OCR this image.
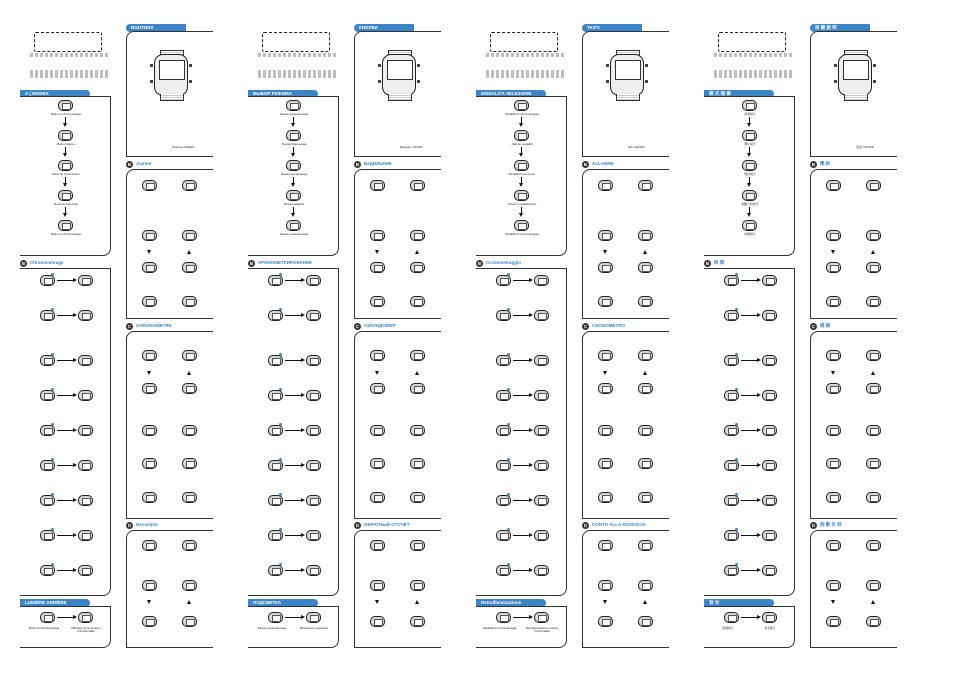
A ( MODES
Mode du chronométrage
Mode d'alarme
Mode du chronomètre
Mode du décompte
Mode du chronométrage
B	Chronométrage
LUMIÈRE ARRIÈRE
Mode du chronométrage	Affichage de la lumière / Fonctionnalité
BOUTONS
Système CR2025
B	Alarme
C	CHRONOMETRE
D	Décompte
ВЫБОР РЕЖИМА
Режим хронометража
Режим будильника
Режим секундомера
Режим таймера
Режим хронометража
B	ХРОНОМЕТРИРОВАНИЕ
ПОДСВЕТКА
Режим хронометража	Включение подсветки
КНОПКИ
Батарея: CR2025
B	БУДИЛЬНИК
C	СЕКУНДОМЕР
D	ОБРАТНЫЙ ОТСЧЁТ
MODALITÀ SELEZIONE
Modalità di cronometraggio
Allarme modalità
Modalità Cronometro
Tempo e modalità Fissi
Modalità di cronometraggio
B	Cronometraggio
Retroilluminazione
Modalità di cronometraggio	Retroilluminazione display Funzionalità
TASTI
Pila: CR2025
B	ALLARME
C	CRONOMETRO
D	CONTO ALLA ROVESCIA
模 式 選 擇
時間模式
鬧鈴模式
碼錶模式
倒數計時模式
時間模式
B	時 間
背 光
時間模式	背光顯示
按 鍵 說 明
電池: CR2025
B	鬧 鈴
C	碼 錶
D	倒 數 計 時
